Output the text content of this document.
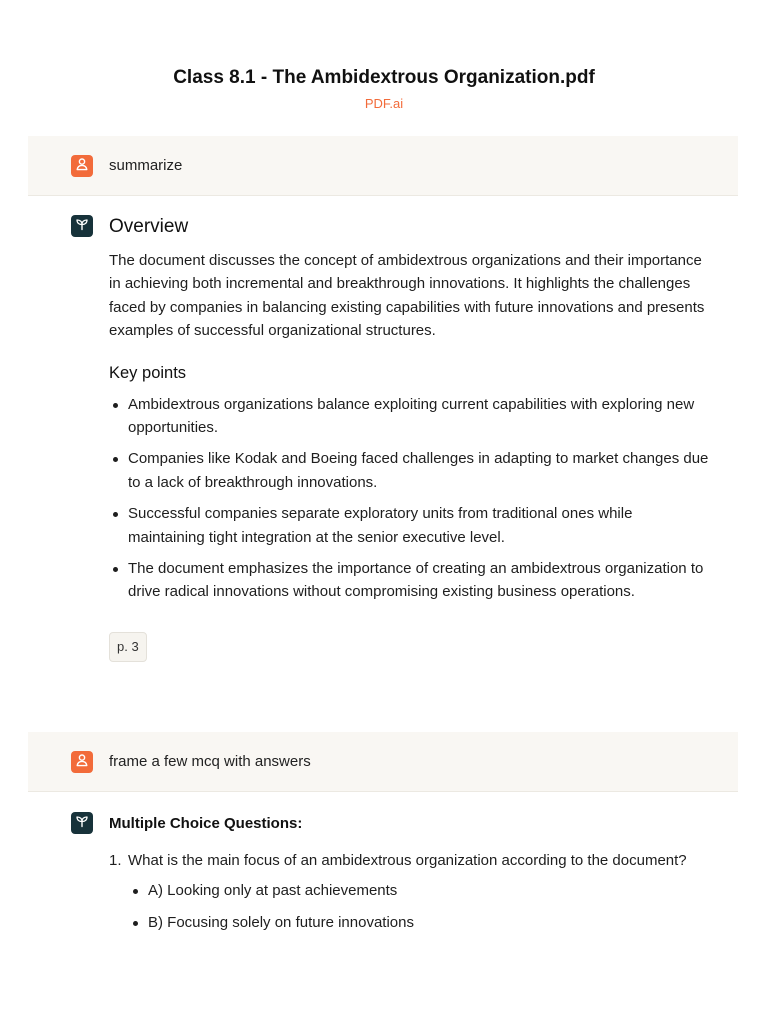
Class 8.1 - The Ambidextrous Organization.pdf
PDF.ai
summarize
Overview

The document discusses the concept of ambidextrous organizations and their importance in achieving both incremental and breakthrough innovations. It highlights the challenges faced by companies in balancing existing capabilities with future innovations and presents examples of successful organizational structures.

Key points
Ambidextrous organizations balance exploiting current capabilities with exploring new opportunities.
Companies like Kodak and Boeing faced challenges in adapting to market changes due to a lack of breakthrough innovations.
Successful companies separate exploratory units from traditional ones while maintaining tight integration at the senior executive level.
The document emphasizes the importance of creating an ambidextrous organization to drive radical innovations without compromising existing business operations.
p. 3
frame a few mcq with answers
Multiple Choice Questions:
1. What is the main focus of an ambidextrous organization according to the document?
A) Looking only at past achievements
B) Focusing solely on future innovations
